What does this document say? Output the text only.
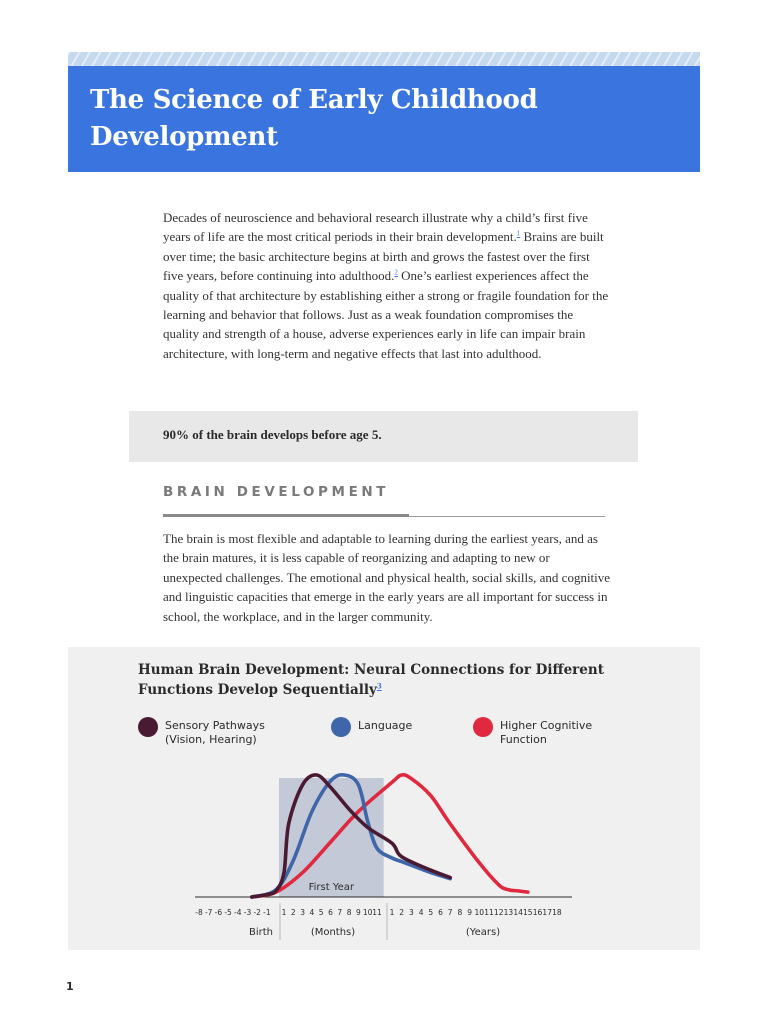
The Science of Early Childhood
Development

Decades of neuroscience and behavioral research illustrate why a child’s first five years of life are the most critical periods in their brain development.$^1$ Brains are built over time; the basic architecture begins at birth and grows the fastest over the first five years, before continuing into adulthood.$^2$ One’s earliest experiences affect the quality of that architecture by establishing either a strong or fragile foundation for the learning and behavior that follows. Just as a weak foundation compromises the quality and strength of a house, adverse experiences early in life can impair brain architecture, with long-term and negative effects that last into adulthood.

90% of the brain develops before age 5.

BRAIN DEVELOPMENT

The brain is most flexible and adaptable to learning during the earliest years, and as the brain matures, it is less capable of reorganizing and adapting to new or unexpected challenges. The emotional and physical health, social skills, and cognitive and linguistic capacities that emerge in the early years are all important for success in school, the workplace, and in the larger community.

First Year
-8 -7 -6 -5 -4 -3 -2 -1 1 2 3 4 5 6 7 8 9 10 11 1 2 3 4 5 6 7 8 9 10 11 12 13 14 15 16 17 18
Birth	(Months)	(Years)
Human Brain Development: Neural Connections for Different Functions Develop Sequentially$^3$
Sensory Pathways
(Vision, Hearing)
Language	Higher Cognitive
Function

1
